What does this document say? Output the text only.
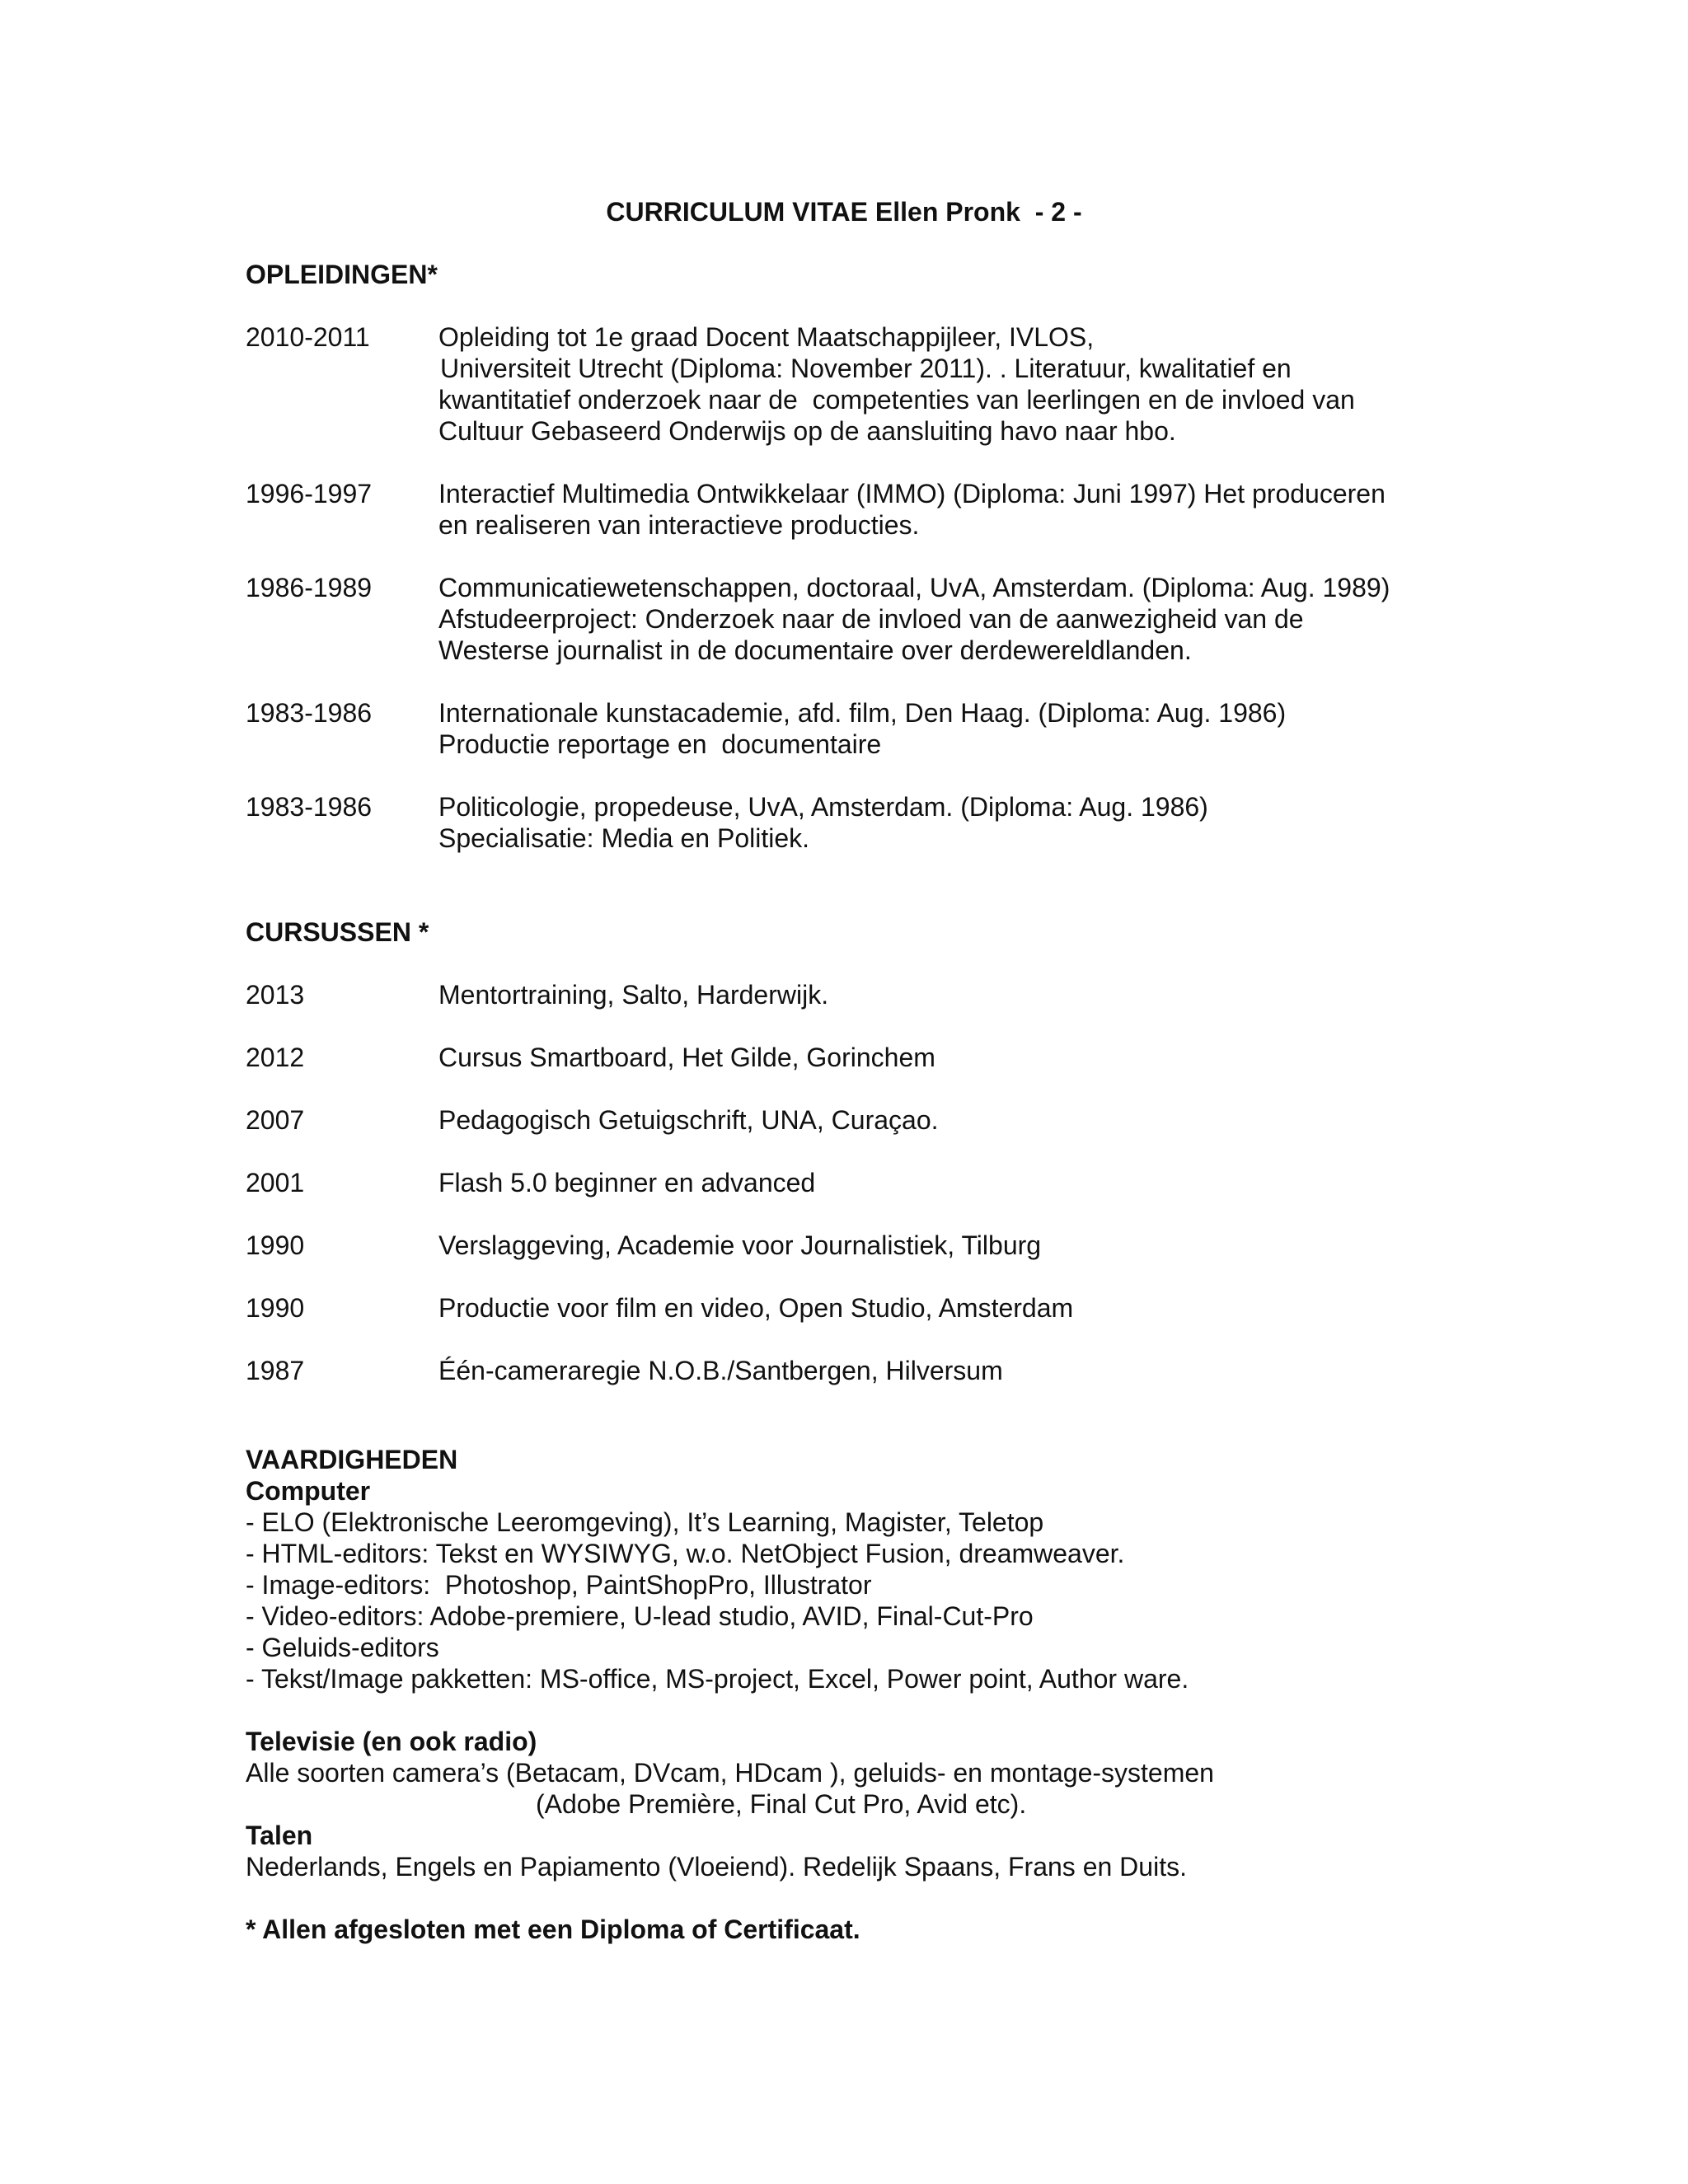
CURRICULUM VITAE Ellen Pronk  - 2 -
OPLEIDINGEN*
2010-2011	Opleiding tot 1e graad Docent Maatschappijleer, IVLOS,
Universiteit Utrecht (Diploma: November 2011). . Literatuur, kwalitatief en
kwantitatief onderzoek naar de  competenties van leerlingen en de invloed van
Cultuur Gebaseerd Onderwijs op de aansluiting havo naar hbo.
1996-1997	Interactief Multimedia Ontwikkelaar (IMMO) (Diploma: Juni 1997) Het produceren
en realiseren van interactieve producties.
1986-1989	Communicatiewetenschappen, doctoraal, UvA, Amsterdam. (Diploma: Aug. 1989)
Afstudeerproject: Onderzoek naar de invloed van de aanwezigheid van de
Westerse journalist in de documentaire over derdewereldlanden.
1983-1986	Internationale kunstacademie, afd. film, Den Haag. (Diploma: Aug. 1986)
Productie reportage en  documentaire
1983-1986	Politicologie, propedeuse, UvA, Amsterdam. (Diploma: Aug. 1986)
Specialisatie: Media en Politiek.
CURSUSSEN *
2013	Mentortraining, Salto, Harderwijk.
2012	Cursus Smartboard, Het Gilde, Gorinchem
2007	Pedagogisch Getuigschrift, UNA, Curaçao.
2001	Flash 5.0 beginner en advanced
1990	Verslaggeving, Academie voor Journalistiek, Tilburg
1990	Productie voor film en video, Open Studio, Amsterdam
1987	Één-cameraregie N.O.B./Santbergen, Hilversum
VAARDIGHEDEN
Computer
- ELO (Elektronische Leeromgeving), It’s Learning, Magister, Teletop
- HTML-editors: Tekst en WYSIWYG, w.o. NetObject Fusion, dreamweaver.
- Image-editors:  Photoshop, PaintShopPro, Illustrator
- Video-editors: Adobe-premiere, U-lead studio, AVID, Final-Cut-Pro
- Geluids-editors
- Tekst/Image pakketten: MS-office, MS-project, Excel, Power point, Author ware.
Televisie (en ook radio)
Alle soorten camera’s (Betacam, DVcam, HDcam ), geluids- en montage-systemen
(Adobe Première, Final Cut Pro, Avid etc).
Talen
Nederlands, Engels en Papiamento (Vloeiend). Redelijk Spaans, Frans en Duits.
* Allen afgesloten met een Diploma of Certificaat.
